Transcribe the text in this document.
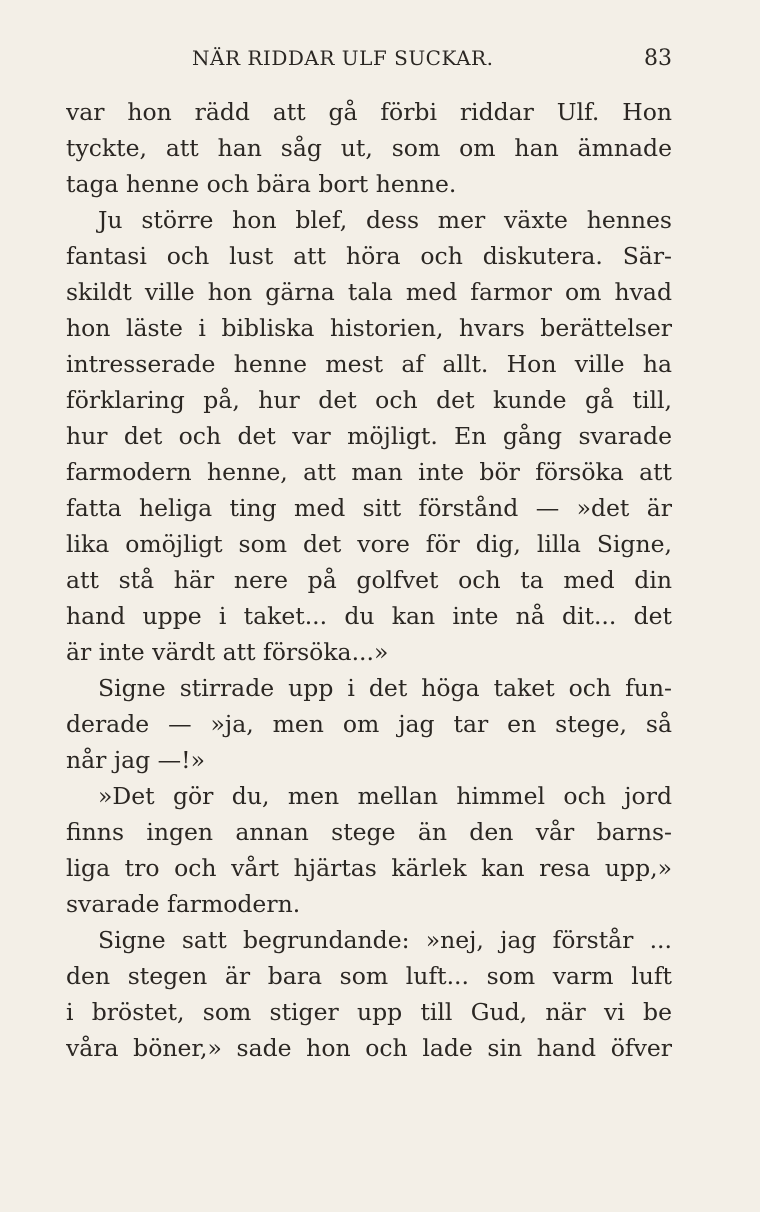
NÄR RIDDAR ULF SUCKAR.	83
var hon rädd att gå förbi riddar Ulf. Hon
tyckte, att han såg ut, som om han ämnade
taga henne och bära bort henne.
Ju större hon blef, dess mer växte hennes
fantasi och lust att höra och diskutera. Sär-
skildt ville hon gärna tala med farmor om hvad
hon läste i bibliska historien, hvars berättelser
intresserade henne mest af allt. Hon ville ha
förklaring på, hur det och det kunde gå till,
hur det och det var möjligt. En gång svarade
farmodern henne, att man inte bör försöka att
fatta heliga ting med sitt förstånd — »det är
lika omöjligt som det vore för dig, lilla Signe,
att stå här nere på golfvet och ta med din
hand uppe i taket... du kan inte nå dit... det
är inte värdt att försöka...»
Signe stirrade upp i det höga taket och fun-
derade — »ja, men om jag tar en stege, så
når jag —!»
»Det gör du, men mellan himmel och jord
finns ingen annan stege än den vår barns-
liga tro och vårt hjärtas kärlek kan resa upp,»
svarade farmodern.
Signe satt begrundande: »nej, jag förstår ...
den stegen är bara som luft... som varm luft
i bröstet, som stiger upp till Gud, när vi be
våra böner,» sade hon och lade sin hand öfver
